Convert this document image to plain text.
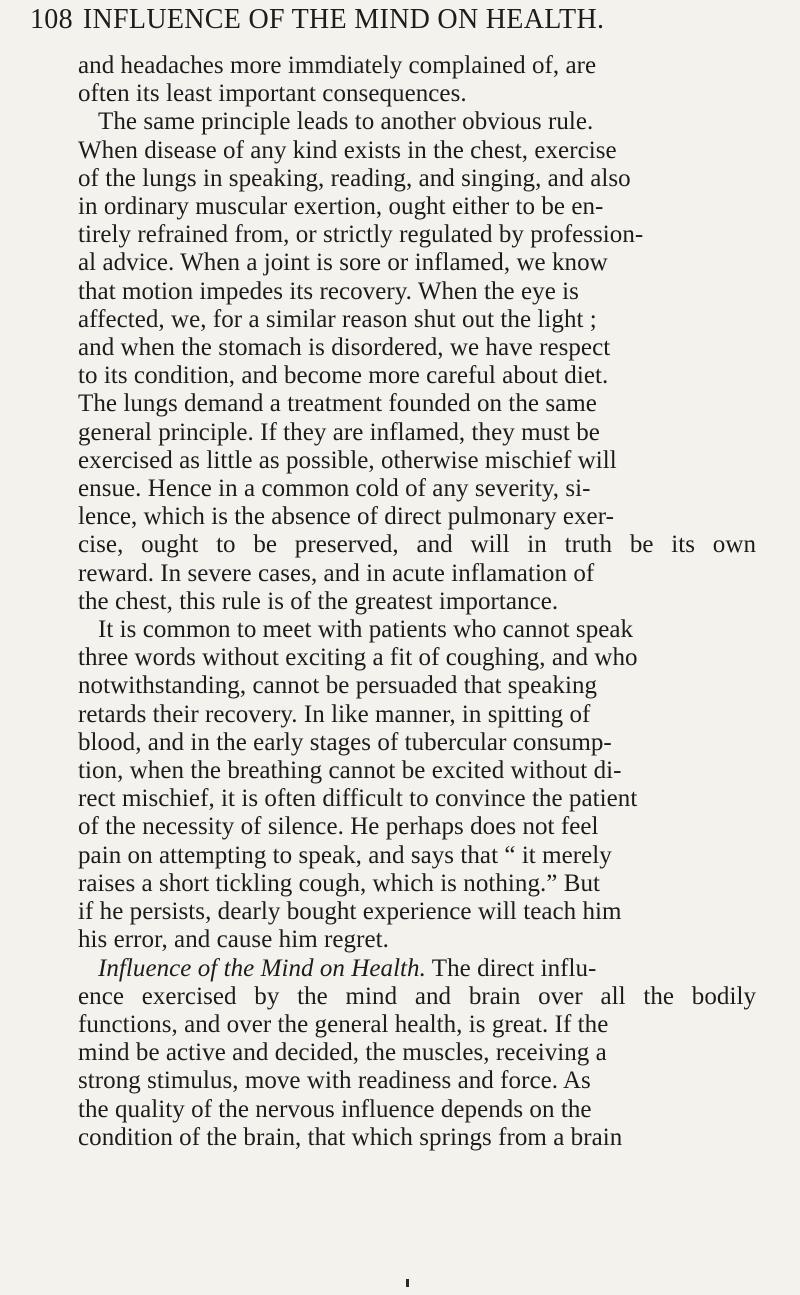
108 INFLUENCE OF THE MIND ON HEALTH.
and headaches more immdiately complained of, are
often its least important consequences.
The same principle leads to another obvious rule.
When disease of any kind exists in the chest, exercise
of the lungs in speaking, reading, and singing, and also
in ordinary muscular exertion, ought either to be en-
tirely refrained from, or strictly regulated by profession-
al advice. When a joint is sore or inflamed, we know
that motion impedes its recovery. When the eye is
affected, we, for a similar reason shut out the light ;
and when the stomach is disordered, we have respect
to its condition, and become more careful about diet.
The lungs demand a treatment founded on the same
general principle. If they are inflamed, they must be
exercised as little as possible, otherwise mischief will
ensue. Hence in a common cold of any severity, si-
lence, which is the absence of direct pulmonary exer-
cise, ought to be preserved, and will in truth be its own
reward. In severe cases, and in acute inflamation of
the chest, this rule is of the greatest importance.
It is common to meet with patients who cannot speak
three words without exciting a fit of coughing, and who
notwithstanding, cannot be persuaded that speaking
retards their recovery. In like manner, in spitting of
blood, and in the early stages of tubercular consump-
tion, when the breathing cannot be excited without di-
rect mischief, it is often difficult to convince the patient
of the necessity of silence. He perhaps does not feel
pain on attempting to speak, and says that “ it merely
raises a short tickling cough, which is nothing.” But
if he persists, dearly bought experience will teach him
his error, and cause him regret.
Influence of the Mind on Health. The direct influ-
ence exercised by the mind and brain over all the bodily
functions, and over the general health, is great. If the
mind be active and decided, the muscles, receiving a
strong stimulus, move with readiness and force. As
the quality of the nervous influence depends on the
condition of the brain, that which springs from a brain
